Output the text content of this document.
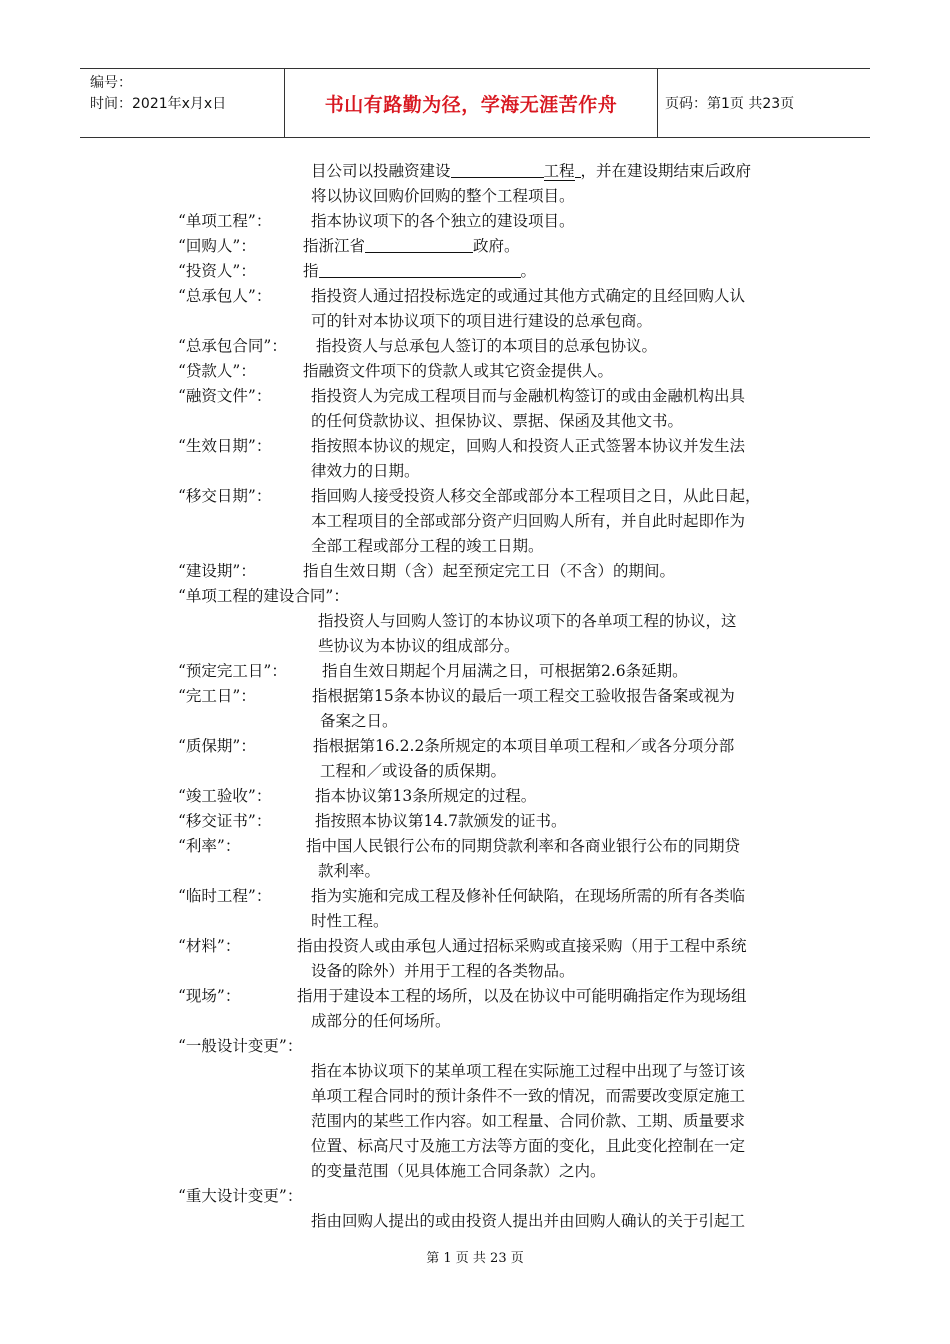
编号：
时间：2021年x月x日	书山有路勤为径，学海无涯苦作舟	页码：第1页 共23页
目公司以投融资建设	工程 ，并在建设期结束后政府
将以协议回购价回购的整个工程项目。
“单项工程”：	指本协议项下的各个独立的建设项目。
“回购人”：	指浙江省	政府。
“投资人”：	指	。
“总承包人”：	指投资人通过招投标选定的或通过其他方式确定的且经回购人认
可的针对本协议项下的项目进行建设的总承包商。
“总承包合同”： 指投资人与总承包人签订的本项目的总承包协议。
“贷款人”：	指融资文件项下的贷款人或其它资金提供人。
“融资文件”：	指投资人为完成工程项目而与金融机构签订的或由金融机构出具
的任何贷款协议、担保协议、票据、保函及其他文书。
“生效日期”：	指按照本协议的规定，回购人和投资人正式签署本协议并发生法
律效力的日期。
“移交日期”：	指回购人接受投资人移交全部或部分本工程项目之日，从此日起，
本工程项目的全部或部分资产归回购人所有，并自此时起即作为
全部工程或部分工程的竣工日期。
“建设期”：	指自生效日期（含）起至预定完工日（不含）的期间。
“单项工程的建设合同”：
指投资人与回购人签订的本协议项下的各单项工程的协议，这
些协议为本协议的组成部分。
“预定完工日”： 指自生效日期起个月届满之日，可根据第2.6条延期。
“完工日”：	指根据第15条本协议的最后一项工程交工验收报告备案或视为
备案之日。
“质保期”：	指根据第16.2.2条所规定的本项目单项工程和／或各分项分部
工程和／或设备的质保期。
“竣工验收”：	指本协议第13条所规定的过程。
“移交证书”：	指按照本协议第14.7款颁发的证书。
“利率”：	指中国人民银行公布的同期贷款利率和各商业银行公布的同期贷
款利率。
“临时工程”：	指为实施和完成工程及修补任何缺陷，在现场所需的所有各类临
时性工程。
“材料”：	指由投资人或由承包人通过招标采购或直接采购（用于工程中系统
设备的除外）并用于工程的各类物品。
“现场”：	指用于建设本工程的场所，以及在协议中可能明确指定作为现场组
成部分的任何场所。
“一般设计变更”：
指在本协议项下的某单项工程在实际施工过程中出现了与签订该
单项工程合同时的预计条件不一致的情况，而需要改变原定施工
范围内的某些工作内容。如工程量、合同价款、工期、质量要求
位置、标高尺寸及施工方法等方面的变化，且此变化控制在一定
的变量范围（见具体施工合同条款）之内。
“重大设计变更”：
指由回购人提出的或由投资人提出并由回购人确认的关于引起工
第 1 页 共 23 页
